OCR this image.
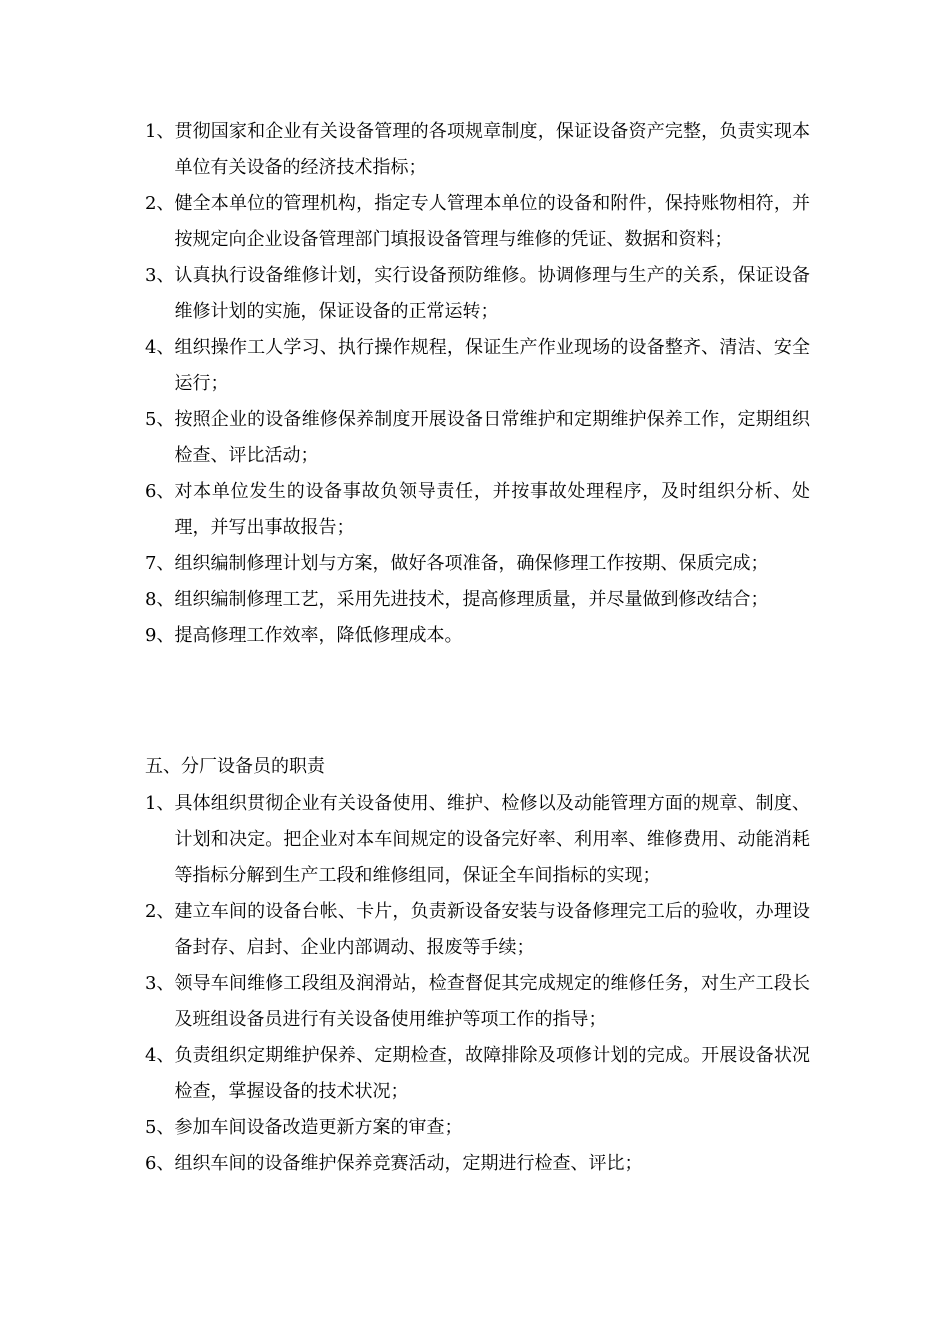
1、 贯彻国家和企业有关设备管理的各项规章制度，保证设备资产完整，负责实现本单位有关设备的经济技术指标；
2、 健全本单位的管理机构，指定专人管理本单位的设备和附件，保持账物相符，并按规定向企业设备管理部门填报设备管理与维修的凭证、数据和资料；
3、 认真执行设备维修计划，实行设备预防维修。协调修理与生产的关系，保证设备维修计划的实施，保证设备的正常运转；
4、 组织操作工人学习、执行操作规程，保证生产作业现场的设备整齐、清洁、安全运行；
5、 按照企业的设备维修保养制度开展设备日常维护和定期维护保养工作，定期组织检查、评比活动；
6、 对本单位发生的设备事故负领导责任，并按事故处理程序，及时组织分析、处理，并写出事故报告；
7、 组织编制修理计划与方案，做好各项准备，确保修理工作按期、保质完成；
8、 组织编制修理工艺，采用先进技术，提高修理质量，并尽量做到修改结合；
9、 提高修理工作效率，降低修理成本。
五、分厂设备员的职责
1、 具体组织贯彻企业有关设备使用、维护、检修以及动能管理方面的规章、制度、计划和决定。把企业对本车间规定的设备完好率、利用率、维修费用、动能消耗等指标分解到生产工段和维修组同，保证全车间指标的实现；
2、 建立车间的设备台帐、卡片，负责新设备安装与设备修理完工后的验收，办理设备封存、启封、企业内部调动、报废等手续；
3、 领导车间维修工段组及润滑站，检查督促其完成规定的维修任务，对生产工段长及班组设备员进行有关设备使用维护等项工作的指导；
4、 负责组织定期维护保养、定期检查，故障排除及项修计划的完成。开展设备状况检查，掌握设备的技术状况；
5、 参加车间设备改造更新方案的审查；
6、 组织车间的设备维护保养竞赛活动，定期进行检查、评比；
